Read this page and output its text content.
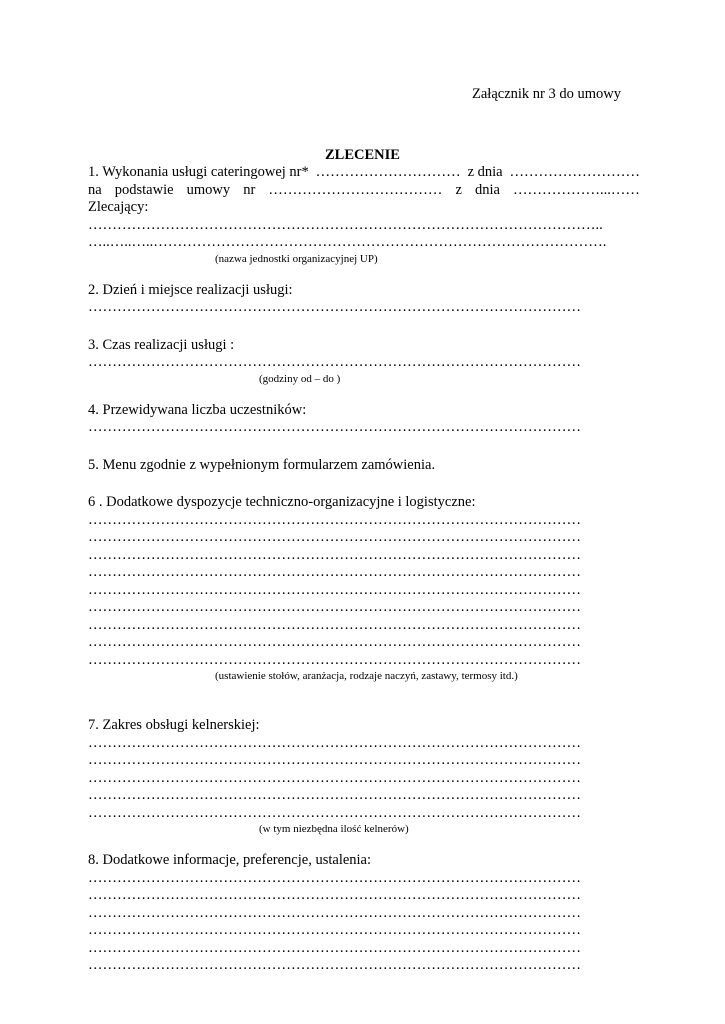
Załącznik nr 3 do umowy
ZLECENIE
1. Wykonania usługi cateringowej nr* ………………………… z dnia ………………………
na podstawie umowy nr ……………………………… z dnia ………………...……
Zlecający:
……………………………………………………………………………………………..
…..…..…..………………………………………………………………………………….
(nazwa jednostki organizacyjnej UP)
2. Dzień i miejsce realizacji usługi:
…………………………………………………………………………………………
3. Czas realizacji usługi :
…………………………………………………………………………………………
(godziny od – do )
4. Przewidywana liczba uczestników:
…………………………………………………………………………………………
5. Menu zgodnie z wypełnionym formularzem zamówienia.
6 . Dodatkowe dyspozycje techniczno-organizacyjne i logistyczne:
…………………………………………………………………………………………
…………………………………………………………………………………………
…………………………………………………………………………………………
…………………………………………………………………………………………
…………………………………………………………………………………………
…………………………………………………………………………………………
…………………………………………………………………………………………
…………………………………………………………………………………………
…………………………………………………………………………………………
(ustawienie stołów, aranżacja, rodzaje naczyń, zastawy, termosy itd.)
7. Zakres obsługi kelnerskiej:
…………………………………………………………………………………………
…………………………………………………………………………………………
…………………………………………………………………………………………
…………………………………………………………………………………………
…………………………………………………………………………………………
(w tym niezbędna ilość kelnerów)
8. Dodatkowe informacje, preferencje, ustalenia:
…………………………………………………………………………………………
…………………………………………………………………………………………
…………………………………………………………………………………………
…………………………………………………………………………………………
…………………………………………………………………………………………
…………………………………………………………………………………………
